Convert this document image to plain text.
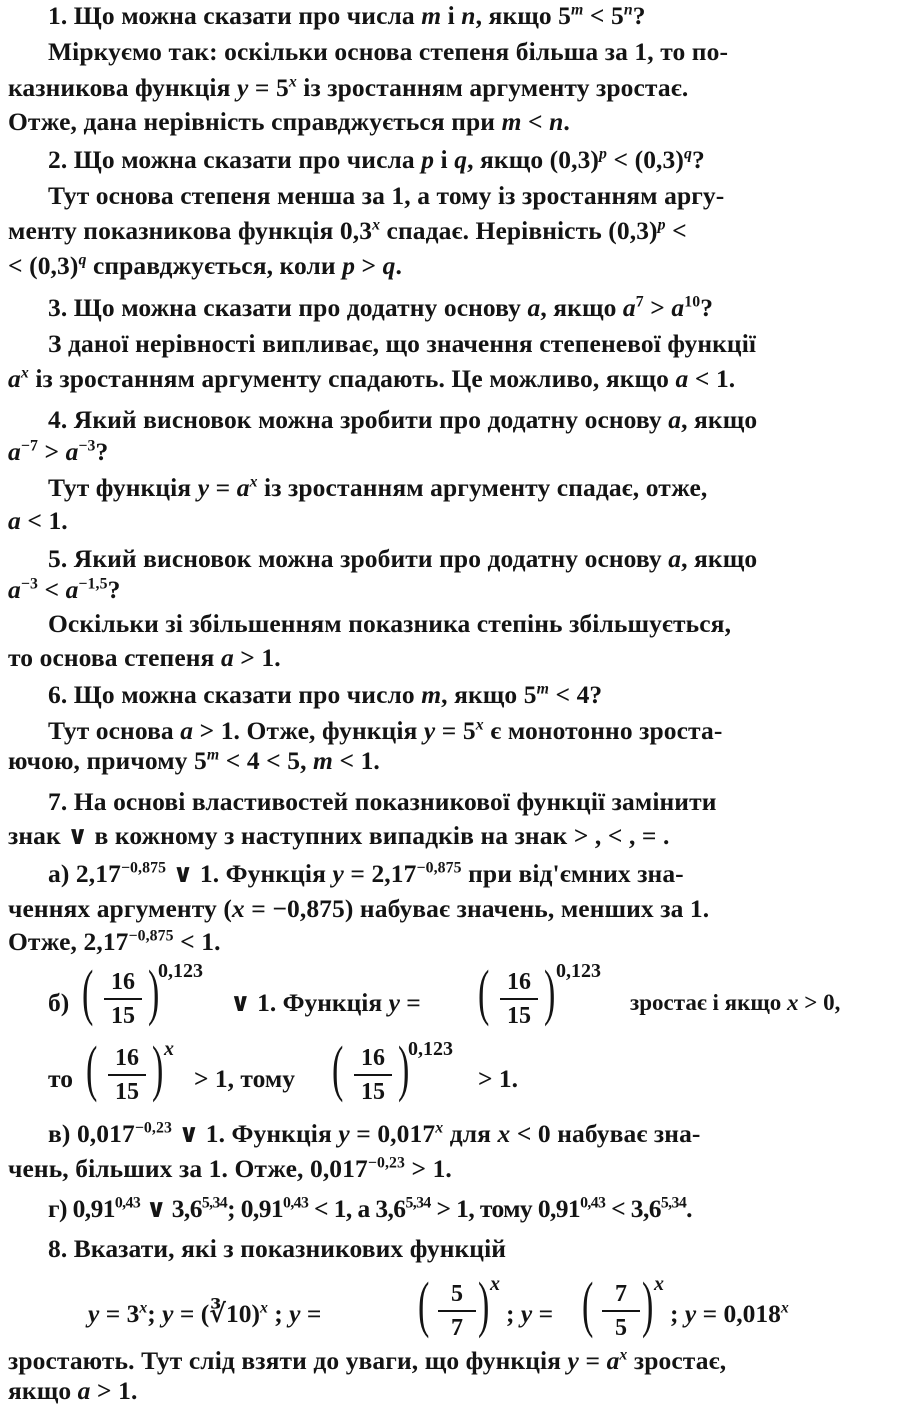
1. Що можна сказати про числа m і n, якщо $5^m < 5^n$?
Міркуємо так: оскільки основа степеня більша за 1, то по-
казникова функція $y = 5^x$ із зростанням аргументу зростає.
Отже, дана нерівність справджується при m < n.
2. Що можна сказати про числа p і q, якщо $(0,3)^p < (0,3)^q$?
Тут основа степеня менша за 1, а тому із зростанням аргу-
менту показникова функція 0,3$^x$ спадає. Нерівність $(0,3)^p$ <
< $(0,3)^q$ справджується, коли p > q.
3. Що можна сказати про додатну основу a, якщо $a^7 > a^{10}$?
З даної нерівності випливає, що значення степеневої функції
$a^x$ із зростанням аргументу спадають. Це можливо, якщо a < 1.
4. Який висновок можна зробити про додатну основу a, якщо
$a^{-7} > a^{-3}$?
Тут функція $y = a^x$ із зростанням аргументу спадає, отже,
a < 1.
5. Який висновок можна зробити про додатну основу a, якщо
$a^{-3} < a^{-1,5}$?
Оскільки зі збільшенням показника степінь збільшується,
то основа степеня a > 1.
6. Що можна сказати про число m, якщо $5^m < 4$?
Тут основа a > 1. Отже, функція $y = 5^x$ є монотонно зроста-
ючою, причому $5^m < 4 < 5$, m < 1.
7. На основі властивостей показникової функції замінити
знак ∨ в кожному з наступних випадків на знак > , < , = .
а) $2,17^{-0,875}$ ∨ 1. Функція $y = 2,17^{-0,875}$ при від'ємних зна-
ченнях аргументу (x = −0,875) набуває значень, менших за 1.
Отже, $2,17^{-0,875} < 1$.
б) ( 16
15 )
0,123
∨ 1. Функція y = ( 16
15 ) 0,123
зростає і якщо x > 0,
то ( 16
15 ) x
> 1, тому ( 16
15 )
0,123
> 1.
в) $0,017^{-0,23}$ ∨ 1. Функція $y = 0,017^x$ для x < 0 набуває зна-
чень, більших за 1. Отже, $0,017^{-0,23} > 1$.
г) 0,91$^{0,43}$ ∨ 3,6$^{5,34}$; $0,91^{0,43} < 1$, а $3,6^{5,34} > 1$, тому $0,91^{0,43} < 3,6^{5,34}$.
8. Вказати, які з показникових функцій
$y = 3^x$; y = (∛10)$^x$ ; y = ( 5
7 ) x
; y = ( 7
5 ) x
; $y = 0,018^x$
зростають. Тут слід взяти до уваги, що функція $y = a^x$ зростає,
якщо a > 1.
